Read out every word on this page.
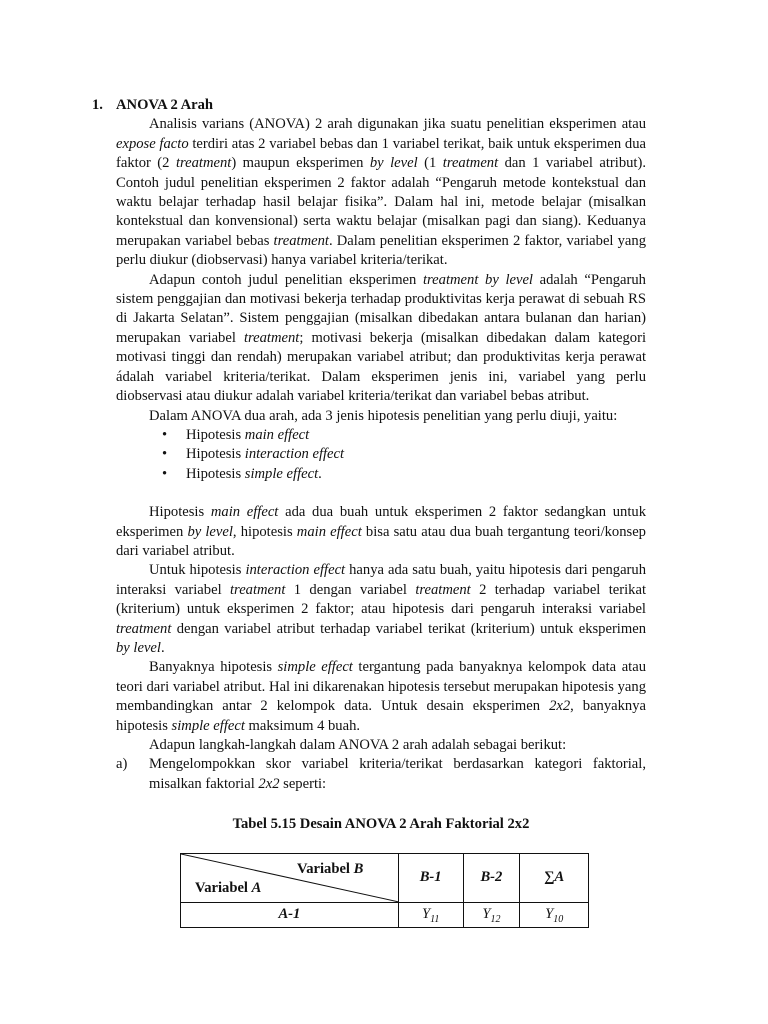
1. ANOVA 2 Arah

Analisis varians (ANOVA) 2 arah digunakan jika suatu penelitian eksperimen atau expose facto terdiri atas 2 variabel bebas dan 1 variabel terikat, baik untuk eksperimen dua faktor (2 treatment) maupun eksperimen by level (1 treatment dan 1 variabel atribut). Contoh judul penelitian eksperimen 2 faktor adalah “Pengaruh metode kontekstual dan waktu belajar terhadap hasil belajar fisika”. Dalam hal ini, metode belajar (misalkan kontekstual dan konvensional) serta waktu belajar (misalkan pagi dan siang). Keduanya merupakan variabel bebas treatment. Dalam penelitian eksperimen 2 faktor, variabel yang perlu diukur (diobservasi) hanya variabel kriteria/terikat.

Adapun contoh judul penelitian eksperimen treatment by level adalah “Pengaruh sistem penggajian dan motivasi bekerja terhadap produktivitas kerja perawat di sebuah RS di Jakarta Selatan”. Sistem penggajian (misalkan dibedakan antara bulanan dan harian) merupakan variabel treatment; motivasi bekerja (misalkan dibedakan dalam kategori motivasi tinggi dan rendah) merupakan variabel atribut; dan produktivitas kerja perawat ádalah variabel kriteria/terikat. Dalam eksperimen jenis ini, variabel yang perlu diobservasi atau diukur adalah variabel kriteria/terikat dan variabel bebas atribut.

Dalam ANOVA dua arah, ada 3 jenis hipotesis penelitian yang perlu diuji, yaitu:

• Hipotesis main effect
• Hipotesis interaction effect
• Hipotesis simple effect.

Hipotesis main effect ada dua buah untuk eksperimen 2 faktor sedangkan untuk eksperimen by level, hipotesis main effect bisa satu atau dua buah tergantung teori/konsep dari variabel atribut.

Untuk hipotesis interaction effect hanya ada satu buah, yaitu hipotesis dari pengaruh interaksi variabel treatment 1 dengan variabel treatment 2 terhadap variabel terikat (kriterium) untuk eksperimen 2 faktor; atau hipotesis dari pengaruh interaksi variabel treatment dengan variabel atribut terhadap variabel terikat (kriterium) untuk eksperimen by level.

Banyaknya hipotesis simple effect tergantung pada banyaknya kelompok data atau teori dari variabel atribut. Hal ini dikarenakan hipotesis tersebut merupakan hipotesis yang membandingkan antar 2 kelompok data. Untuk desain eksperimen 2x2, banyaknya hipotesis simple effect maksimum 4 buah.

Adapun langkah-langkah dalam ANOVA 2 arah adalah sebagai berikut:

a)	Mengelompokkan skor variabel kriteria/terikat berdasarkan kategori faktorial, misalkan faktorial 2x2 seperti:
Tabel 5.15 Desain ANOVA 2 Arah Faktorial 2x2
Variabel B
Variabel A	B-1	B-2	∑A
A-1	$Y_{11}$	$Y_{12}$	$Y_{10}$
